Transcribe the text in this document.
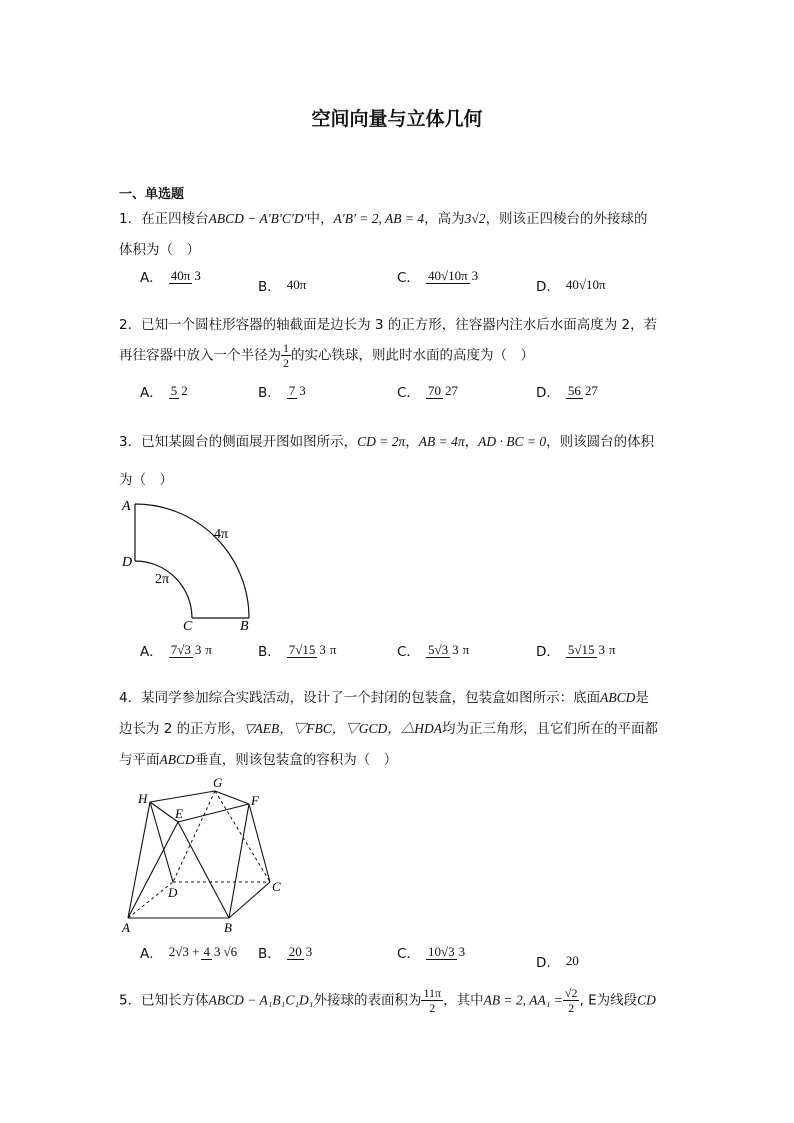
空间向量与立体几何
一、单选题
1．在正四棱台ABCD − A′B′C′D′中，A′B′ = 2, AB = 4，高为3√2，则该正四棱台的外接球的
体积为（　）
A． 40π 3
B． 40π	C． 40√10π 3
D． 40√10π
2．已知一个圆柱形容器的轴截面是边长为 3 的正方形，往容器内注水后水面高度为 2，若
再往容器中放入一个半径为 $\frac{1}{2}$ 的实心铁球，则此时水面的高度为（　）
A． 5 2	B． 7 3	C． 70 27	D． 56 27
3．已知某圆台的侧面展开图如图所示，CD = 2π，AB = 4π，AD · BC = 0，则该圆台的体积
为（　）
A
D
C	B
4π
2π
A． 7√3 3 π	B． 7√15 3 π	C． 5√3 3 π	D． 5√15 3 π
4．某同学参加综合实践活动，设计了一个封闭的包装盒，包装盒如图所示：底面ABCD是
边长为 2 的正方形，▽AEB，▽FBC，▽GCD，△HDA均为正三角形，且它们所在的平面都
与平面ABCD垂直，则该包装盒的容积为（　）
H
G
F
E
D	C
A	B
A． 2√3 + 4 3 √6 B． 20 3	C． 10√3 3
D． 20
5．已知长方体ABCD − A₁B₁C₁D₁外接球的表面积为 $\frac{11\pi}{2}$ ，其中AB = 2, $AA_1 = \frac{√2}{2}$ , E为线段CD
